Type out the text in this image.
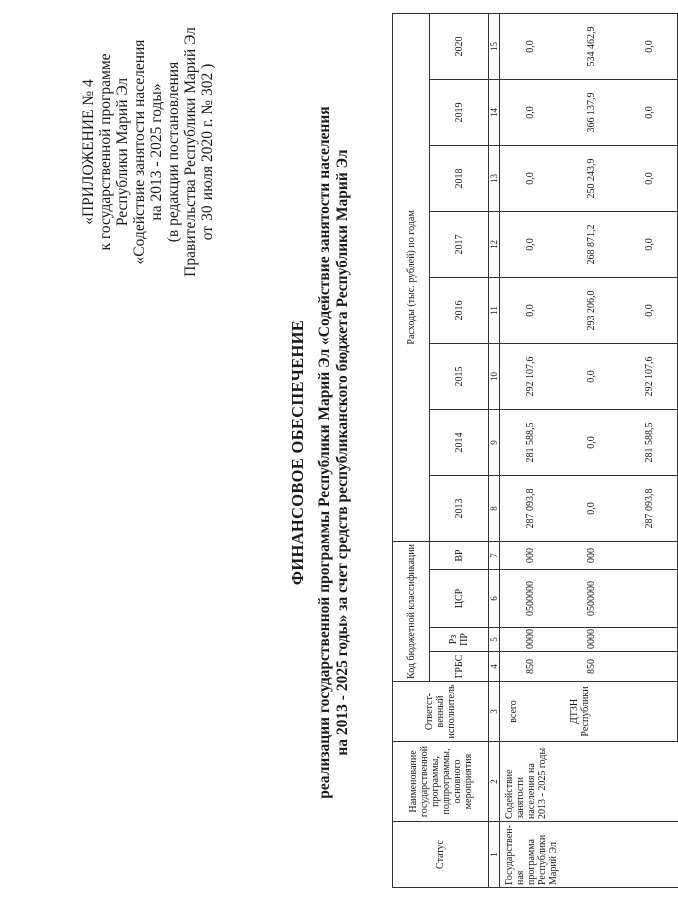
«ПРИЛОЖЕНИЕ № 4 к государственной программе Республики Марий Эл «Содействие занятости населения на 2013 - 2025 годы» (в редакции постановления Правительства Республики Марий Эл от 30 июля 2020 г. № 302 )
ФИНАНСОВОЕ ОБЕСПЕЧЕНИЕ реализации государственной программы Республики Марий Эл «Содействие занятости населения на 2013 - 2025 годы» за счет средств республиканского бюджета Республики Марий Эл
Статус	Наименование государственной программы, подпрограммы, основного мероприятия	Ответст-венный исполнитель	Код бюджетной классификации				Расходы (тыс. рублей) по годам							
			ГРБС	Рз ПР	ЦСР	ВР	2013	2014	2015	2016	2017	2018	2019	2020
1	2	3	4	5	6	7	8	9	10	11	12	13	14	15
Государствен-ная программа Республики Марий Эл	Содействие занятости населения на 2013 - 2025 годы	всего	850	0000	0500000	000	287 093,8	281 588,5	292 107,6	0,0	0,0	0,0	0,0	0,0
		ДТЗН Республики	850	0000	0500000	000	0,0	0,0	0,0	293 206,0	268 871,2	250 243,9	366 137,9	534 462,9
							287 093,8	281 588,5	292 107,6	0,0	0,0	0,0	0,0	0,0
